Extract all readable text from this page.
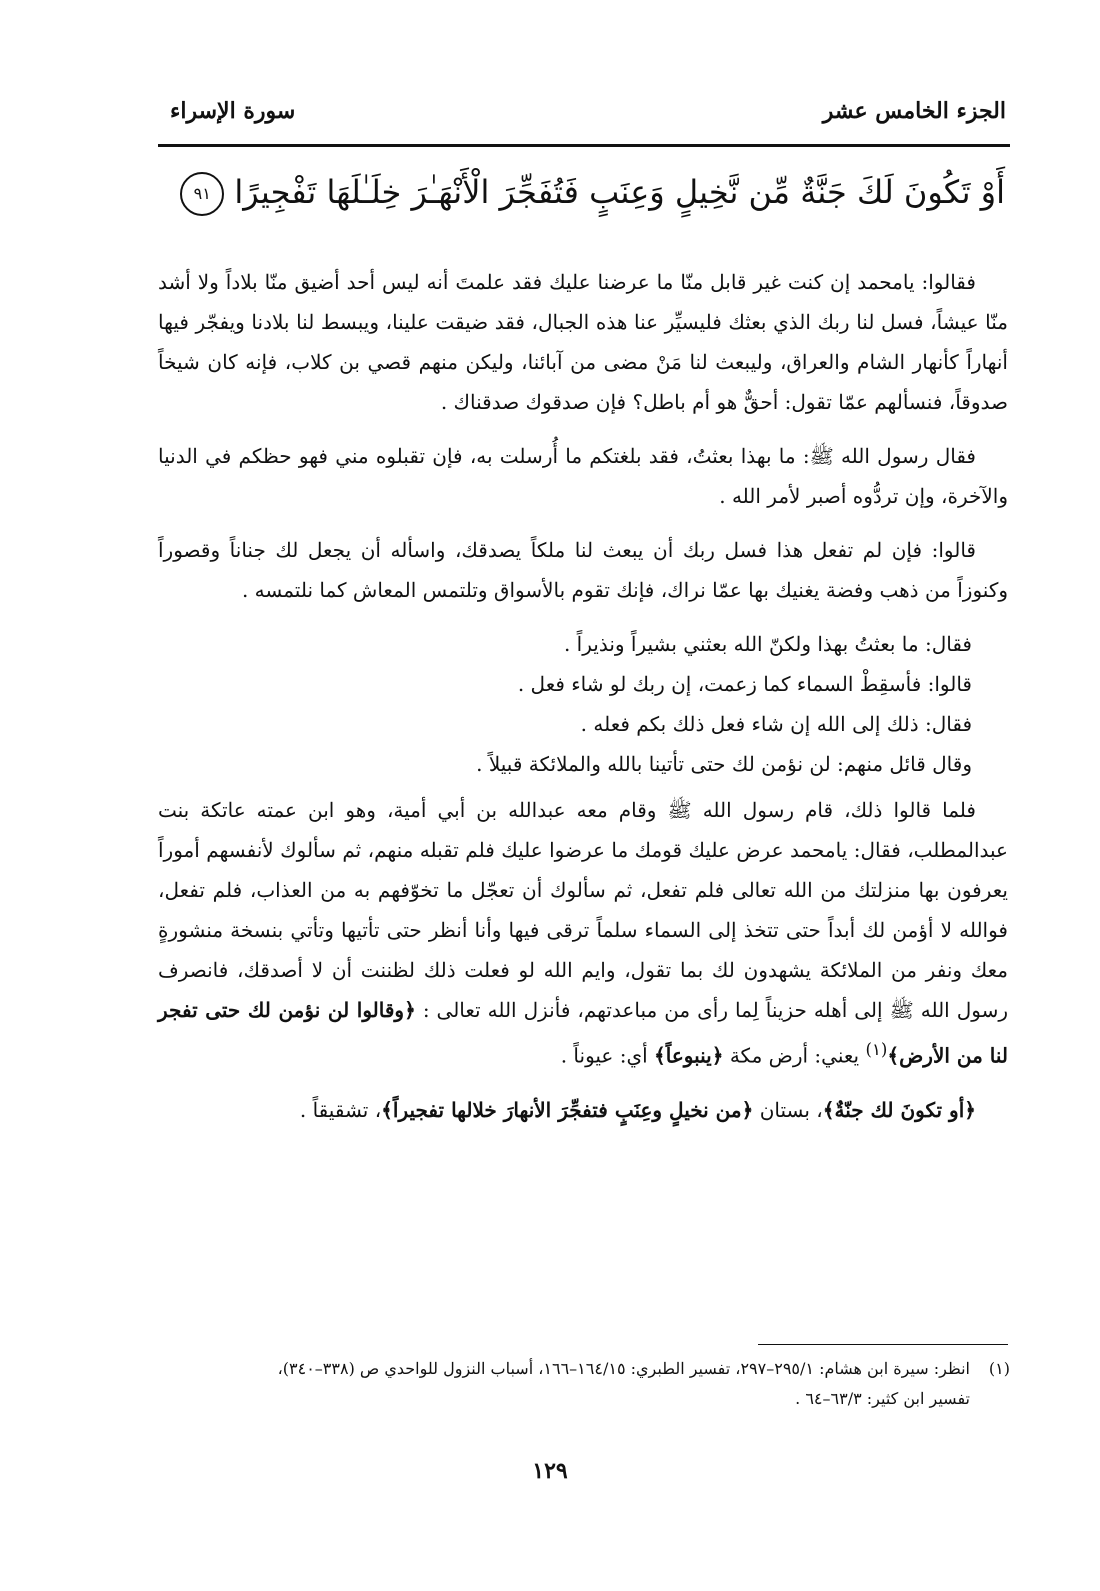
الجزء الخامس عشر
سورة الإسراء
أَوْ تَكُونَ لَكَ جَنَّةٌ مِّن نَّخِيلٍ وَعِنَبٍ فَتُفَجِّرَ الْأَنْهَـٰرَ خِلَـٰلَهَا تَفْجِيرًا ٩١

فقالوا: يامحمد إن كنت غير قابل منّا ما عرضنا عليك فقد علمتَ أنه ليس أحد أضيق منّا بلاداً ولا أشد منّا عيشاً، فسل لنا ربك الذي بعثك فليسيِّر عنا هذه الجبال، فقد ضيقت علينا، ويبسط لنا بلادنا ويفجّر فيها أنهاراً كأنهار الشام والعراق، وليبعث لنا مَنْ مضى من آبائنا، وليكن منهم قصي بن كلاب، فإنه كان شيخاً صدوقاً، فنسألهم عمّا تقول: أحقٌّ هو أم باطل؟ فإن صدقوك صدقناك .

فقال رسول الله ﷺ: ما بهذا بعثتُ، فقد بلغتكم ما أُرسلت به، فإن تقبلوه مني فهو حظكم في الدنيا والآخرة، وإن تردُّوه أصبر لأمر الله .

قالوا: فإن لم تفعل هذا فسل ربك أن يبعث لنا ملكاً يصدقك، واسأله أن يجعل لك جناناً وقصوراً وكنوزاً من ذهب وفضة يغنيك بها عمّا نراك، فإنك تقوم بالأسواق وتلتمس المعاش كما نلتمسه .

فقال: ما بعثتُ بهذا ولكنّ الله بعثني بشيراً ونذيراً .

قالوا: فأسقِطْ السماء كما زعمت، إن ربك لو شاء فعل .

فقال: ذلك إلى الله إن شاء فعل ذلك بكم فعله .

وقال قائل منهم: لن نؤمن لك حتى تأتينا بالله والملائكة قبيلاً .

فلما قالوا ذلك، قام رسول الله ﷺ وقام معه عبدالله بن أبي أمية، وهو ابن عمته عاتكة بنت عبدالمطلب، فقال: يامحمد عرض عليك قومك ما عرضوا عليك فلم تقبله منهم، ثم سألوك لأنفسهم أموراً يعرفون بها منزلتك من الله تعالى فلم تفعل، ثم سألوك أن تعجّل ما تخوّفهم به من العذاب، فلم تفعل، فوالله لا أؤمن لك أبداً حتى تتخذ إلى السماء سلماً ترقى فيها وأنا أنظر حتى تأتيها وتأتي بنسخة منشورةٍ معك ونفر من الملائكة يشهدون لك بما تقول، وايم الله لو فعلت ذلك لظننت أن لا أصدقك، فانصرف رسول الله ﷺ إلى أهله حزيناً لِما رأى من مباعدتهم، فأنزل الله تعالى : ﴿وقالوا لن نؤمن لك حتى تفجر لنا من الأرض﴾$^{(١)}$ يعني: أرض مكة ﴿ينبوعاً﴾ أي: عيوناً .

﴿أو تكونَ لك جنّةٌ﴾، بستان ﴿من نخيلٍ وعِنَبٍ فتفجِّرَ الأنهارَ خلالها تفجيراً﴾، تشقيقاً .

(١)انظر: سيرة ابن هشام: ٢٩٥/١–٢٩٧، تفسير الطبري: ١٦٤/١٥–١٦٦، أسباب النزول للواحدي ص (٣٣٨–٣٤٠)،
تفسير ابن كثير: ٦٣/٣–٦٤ .
١٢٩
